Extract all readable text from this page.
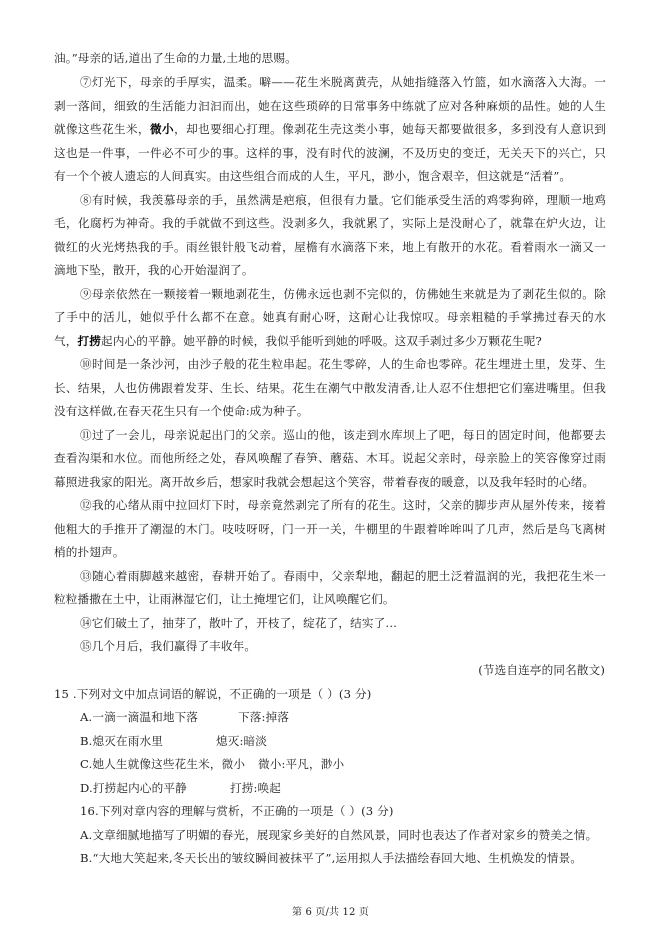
油。”母亲的话,道出了生命的力量,土地的思赐。
⑦灯光下，母亲的手厚实，温柔。噼——花生米脱离黄壳，从她指缝落入竹篮，如水滴落入大海。一
剥一落间，细致的生活能力汩汩而出，她在这些琐碎的日常事务中练就了应对各种麻烦的品性。她的人生
就像这些花生米，微小，却也要细心打理。像剥花生壳这类小事，她每天都要做很多，多到没有人意识到
这也是一件事，一件必不可少的事。这样的事，没有时代的波澜，不及历史的变迁，无关天下的兴亡，只
有一个个被人遗忘的人间真实。由这些组合而成的人生，平凡，渺小，饱含艰辛，但这就是“活着”。
⑧有时候，我羡慕母亲的手，虽然满是疤痕，但很有力量。它们能承受生活的鸡零狗碎，理顺一地鸡
毛，化腐朽为神奇。我的手就做不到这些。没剥多久，我就累了，实际上是没耐心了，就靠在炉火边，让
微红的火光烤热我的手。雨丝银针般飞动着，屋檐有水滴落下来，地上有散开的水花。看着雨水一滴又一
滴地下坠，散开，我的心开始湿润了。
⑨母亲依然在一颗接着一颗地剥花生，仿佛永远也剥不完似的，仿佛她生来就是为了剥花生似的。除
了手中的活儿，她似乎什么都不在意。她真有耐心呀，这耐心让我惊叹。母亲粗糙的手掌拂过春天的水
气，打捞起内心的平静。她平静的时候，我似乎能听到她的呼吸。这双手剥过多少万颗花生呢?
⑩时间是一条沙河，由沙子般的花生粒串起。花生零碎，人的生命也零碎。花生埋进土里，发芽、生
长、结果，人也仿佛跟着发芽、生长、结果。花生在潮气中散发清香,让人忍不住想把它们塞进嘴里。但我
没有这样做,在春天花生只有一个使命:成为种子。
⑪过了一会儿，母亲说起出门的父亲。巡山的他，该走到水库坝上了吧，每日的固定时间，他都要去
查看沟渠和水位。而他所经之处，春风唤醒了春笋、蘑菇、木耳。说起父亲时，母亲脸上的笑容像穿过雨
幕照进我家的阳光。离开故乡后，想家时我就会想起这个笑容，带着春夜的暖意，以及我年轻时的心绪。
⑫我的心绪从雨中拉回灯下时，母亲竟然剥完了所有的花生。这时，父亲的脚步声从屋外传来，接着
他粗大的手推开了潮湿的木门。吱吱呀呀，门一开一关，牛棚里的牛跟着哞哞叫了几声，然后是鸟飞离树
梢的扑翅声。
⑬随心着雨脚越来越密，春耕开始了。春雨中，父亲犁地，翻起的肥土泛着温润的光，我把花生米一
粒粒播撒在土中，让雨淋湿它们，让土掩埋它们，让风唤醒它们。
⑭它们破土了，抽芽了，散叶了，开枝了，绽花了，结实了…
⑮几个月后，我们赢得了丰收年。
(节选自连亭的同名散文)
15 .下列对文中加点词语的解说，不正确的一项是（ ）(3 分)
A.一滴一滴温和地下落	下落:掉落
B.熄灭在雨水里	熄灭:暗淡
C.她人生就像这些花生米，微小 微小:平凡，渺小
D.打捞起内心的平静	打捞:唤起
16.下列对章内容的理解与赏析，不正确的一项是（ ）(3 分)
A.文章细腻地描写了明媚的春光，展现家乡美好的自然风景，同时也表达了作者对家乡的赞美之情。
B.“大地大笑起来,冬天长出的皱纹瞬间被抹平了”,运用拟人手法描绘春回大地、生机焕发的情景。
第 6 页/共 12 页
